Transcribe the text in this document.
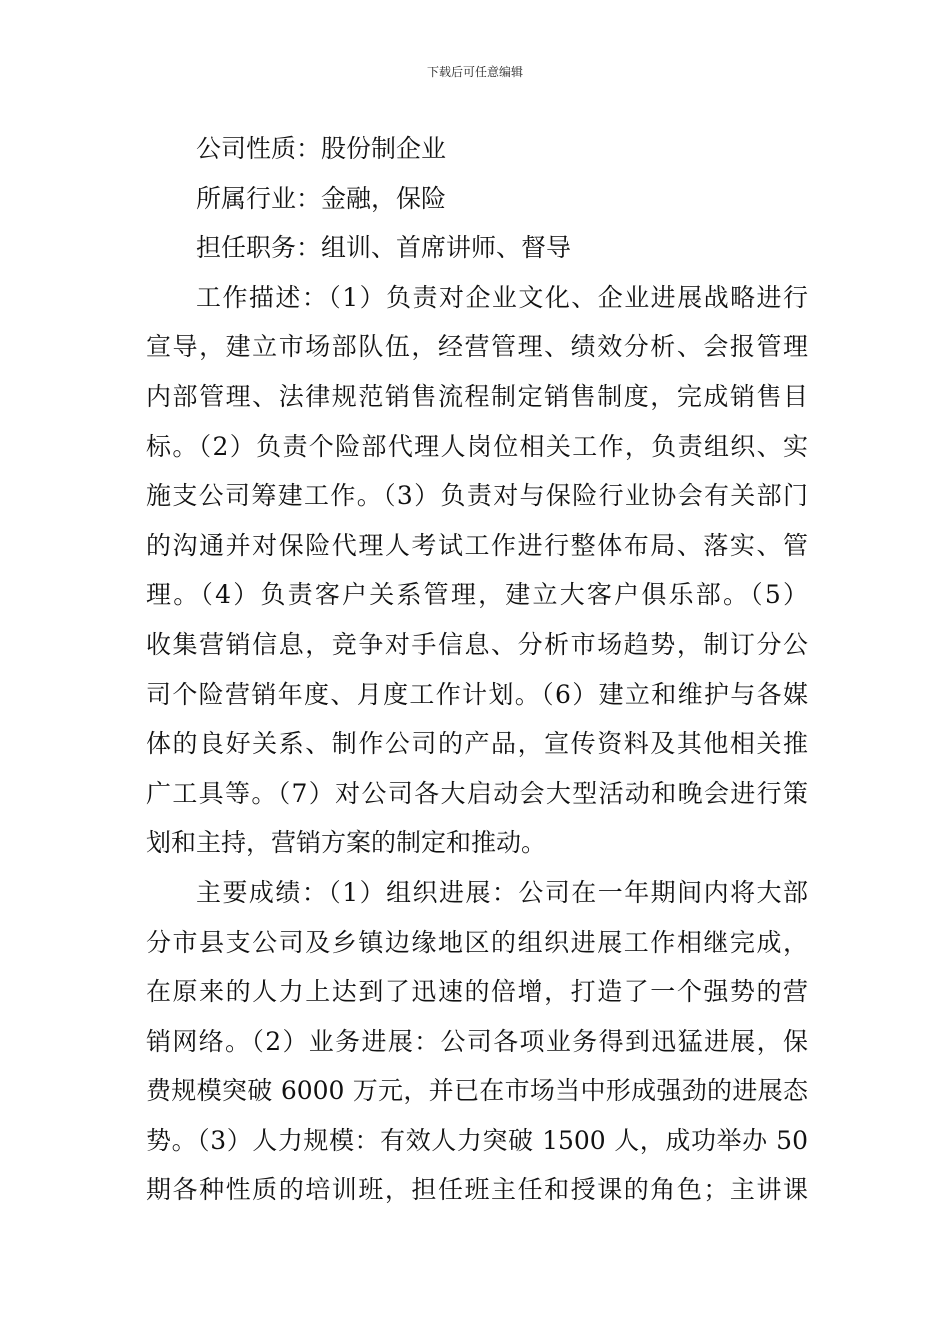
下载后可任意编辑
公司性质：股份制企业
所属行业：金融，保险
担任职务：组训、首席讲师、督导
工作描述：（1）负责对企业文化、企业进展战略进行
宣导，建立市场部队伍，经营管理、绩效分析、会报管理
内部管理、法律规范销售流程制定销售制度，完成销售目
标。（2）负责个险部代理人岗位相关工作，负责组织、实
施支公司筹建工作。（3）负责对与保险行业协会有关部门
的沟通并对保险代理人考试工作进行整体布局、落实、管
理。（4）负责客户关系管理，建立大客户俱乐部。（5）
收集营销信息，竞争对手信息、分析市场趋势，制订分公
司个险营销年度、月度工作计划。（6）建立和维护与各媒
体的良好关系、制作公司的产品，宣传资料及其他相关推
广工具等。（7）对公司各大启动会大型活动和晚会进行策
划和主持，营销方案的制定和推动。
主要成绩：（1）组织进展：公司在一年期间内将大部
分市县支公司及乡镇边缘地区的组织进展工作相继完成，
在原来的人力上达到了迅速的倍增，打造了一个强势的营
销网络。（2）业务进展：公司各项业务得到迅猛进展，保
费规模突破 6000 万元，并已在市场当中形成强劲的进展态
势。（3）人力规模：有效人力突破 1500 人，成功举办 50
期各种性质的培训班，担任班主任和授课的角色；主讲课
